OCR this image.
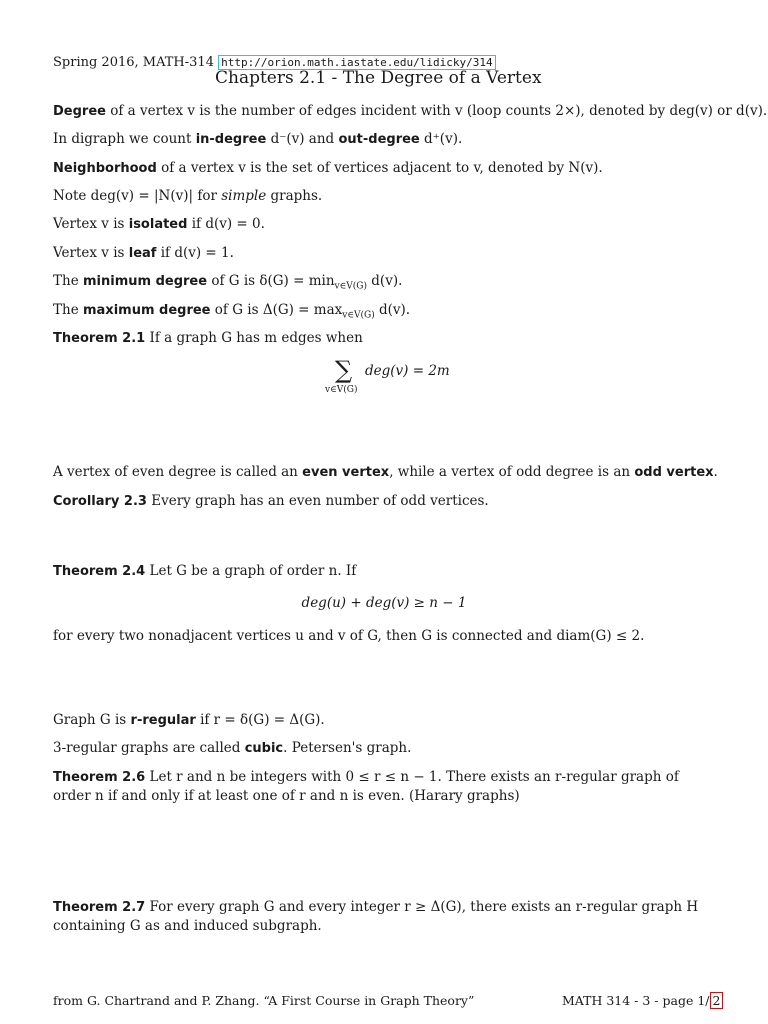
Spring 2016, MATH-314 http://orion.math.iastate.edu/lidicky/314
Chapters 2.1 - The Degree of a Vertex
Degree of a vertex v is the number of edges incident with v (loop counts 2×), denoted by deg(v) or d(v).
In digraph we count in-degree d⁻(v) and out-degree d⁺(v).
Neighborhood of a vertex v is the set of vertices adjacent to v, denoted by N(v).
Note deg(v) = |N(v)| for simple graphs.
Vertex v is isolated if d(v) = 0.
Vertex v is leaf if d(v) = 1.
The minimum degree of G is $\delta(G) = \min_{v\in V(G)} d(v)$.
The maximum degree of G is $\Delta(G) = \max_{v\in V(G)} d(v)$.
Theorem 2.1 If a graph G has m edges when
∑ deg(v) = 2m
v∈V(G)
A vertex of even degree is called an even vertex, while a vertex of odd degree is an odd vertex.
Corollary 2.3 Every graph has an even number of odd vertices.
Theorem 2.4 Let G be a graph of order n. If
deg(u) + deg(v) ≥ n − 1
for every two nonadjacent vertices u and v of G, then G is connected and diam(G) ≤ 2.
Graph G is r-regular if r = δ(G) = Δ(G).
3-regular graphs are called cubic. Petersen's graph.
Theorem 2.6 Let r and n be integers with 0 ≤ r ≤ n − 1. There exists an r-regular graph of order n if and only if at least one of r and n is even. (Harary graphs)
Theorem 2.7 For every graph G and every integer r ≥ Δ(G), there exists an r-regular graph H containing G as and induced subgraph.
from G. Chartrand and P. Zhang. “A First Course in Graph Theory”	MATH 314 - 3 - page 1/ 2
